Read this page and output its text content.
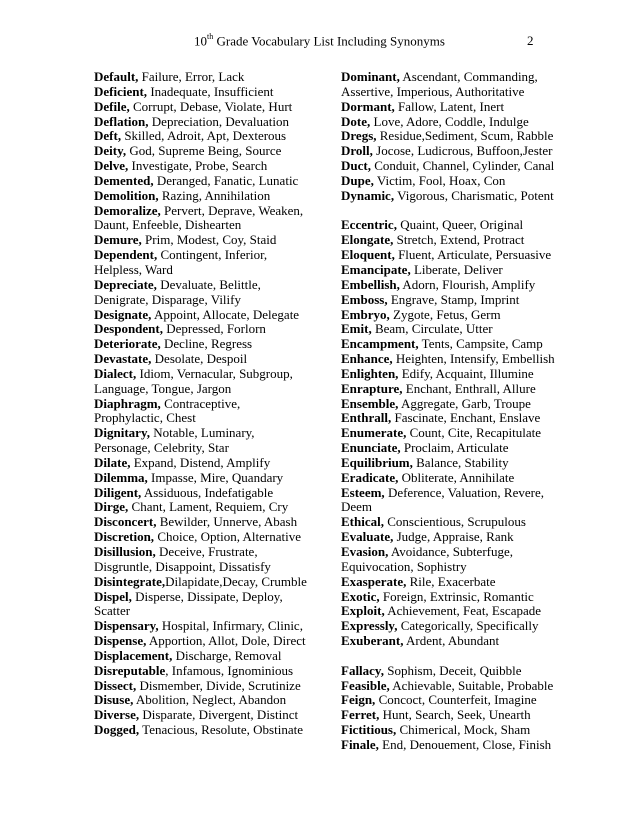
10th Grade Vocabulary List Including Synonyms	2
Default, Failure, Error, Lack
Deficient, Inadequate, Insufficient
Defile, Corrupt, Debase, Violate, Hurt
Deflation, Depreciation, Devaluation
Deft, Skilled, Adroit, Apt, Dexterous
Deity, God, Supreme Being, Source
Delve, Investigate, Probe, Search
Demented, Deranged, Fanatic, Lunatic
Demolition, Razing, Annihilation
Demoralize, Pervert, Deprave, Weaken,
Daunt, Enfeeble, Dishearten
Demure, Prim, Modest, Coy, Staid
Dependent, Contingent, Inferior,
Helpless, Ward
Depreciate, Devaluate, Belittle,
Denigrate, Disparage, Vilify
Designate, Appoint, Allocate, Delegate
Despondent, Depressed, Forlorn
Deteriorate, Decline, Regress
Devastate, Desolate, Despoil
Dialect, Idiom, Vernacular, Subgroup,
Language, Tongue, Jargon
Diaphragm, Contraceptive,
Prophylactic, Chest
Dignitary, Notable, Luminary,
Personage, Celebrity, Star
Dilate, Expand, Distend, Amplify
Dilemma, Impasse, Mire, Quandary
Diligent, Assiduous, Indefatigable
Dirge, Chant, Lament, Requiem, Cry
Disconcert, Bewilder, Unnerve, Abash
Discretion, Choice, Option, Alternative
Disillusion, Deceive, Frustrate,
Disgruntle, Disappoint, Dissatisfy
Disintegrate,Dilapidate,Decay, Crumble
Dispel, Disperse, Dissipate, Deploy,
Scatter
Dispensary, Hospital, Infirmary, Clinic,
Dispense, Apportion, Allot, Dole, Direct
Displacement, Discharge, Removal
Disreputable, Infamous, Ignominious
Dissect, Dismember, Divide, Scrutinize
Disuse, Abolition, Neglect, Abandon
Diverse, Disparate, Divergent, Distinct
Dogged, Tenacious, Resolute, Obstinate
Dominant, Ascendant, Commanding,
Assertive, Imperious, Authoritative
Dormant, Fallow, Latent, Inert
Dote, Love, Adore, Coddle, Indulge
Dregs, Residue,Sediment, Scum, Rabble
Droll, Jocose, Ludicrous, Buffoon,Jester
Duct, Conduit, Channel, Cylinder, Canal
Dupe, Victim, Fool, Hoax, Con
Dynamic, Vigorous, Charismatic, Potent
Eccentric, Quaint, Queer, Original
Elongate, Stretch, Extend, Protract
Eloquent, Fluent, Articulate, Persuasive
Emancipate, Liberate, Deliver
Embellish, Adorn, Flourish, Amplify
Emboss, Engrave, Stamp, Imprint
Embryo, Zygote, Fetus, Germ
Emit, Beam, Circulate, Utter
Encampment, Tents, Campsite, Camp
Enhance, Heighten, Intensify, Embellish
Enlighten, Edify, Acquaint, Illumine
Enrapture, Enchant, Enthrall, Allure
Ensemble, Aggregate, Garb, Troupe
Enthrall, Fascinate, Enchant, Enslave
Enumerate, Count, Cite, Recapitulate
Enunciate, Proclaim, Articulate
Equilibrium, Balance, Stability
Eradicate, Obliterate, Annihilate
Esteem, Deference, Valuation, Revere,
Deem
Ethical, Conscientious, Scrupulous
Evaluate, Judge, Appraise, Rank
Evasion, Avoidance, Subterfuge,
Equivocation, Sophistry
Exasperate, Rile, Exacerbate
Exotic, Foreign, Extrinsic, Romantic
Exploit, Achievement, Feat, Escapade
Expressly, Categorically, Specifically
Exuberant, Ardent, Abundant
Fallacy, Sophism, Deceit, Quibble
Feasible, Achievable, Suitable, Probable
Feign, Concoct, Counterfeit, Imagine
Ferret, Hunt, Search, Seek, Unearth
Fictitious, Chimerical, Mock, Sham
Finale, End, Denouement, Close, Finish
